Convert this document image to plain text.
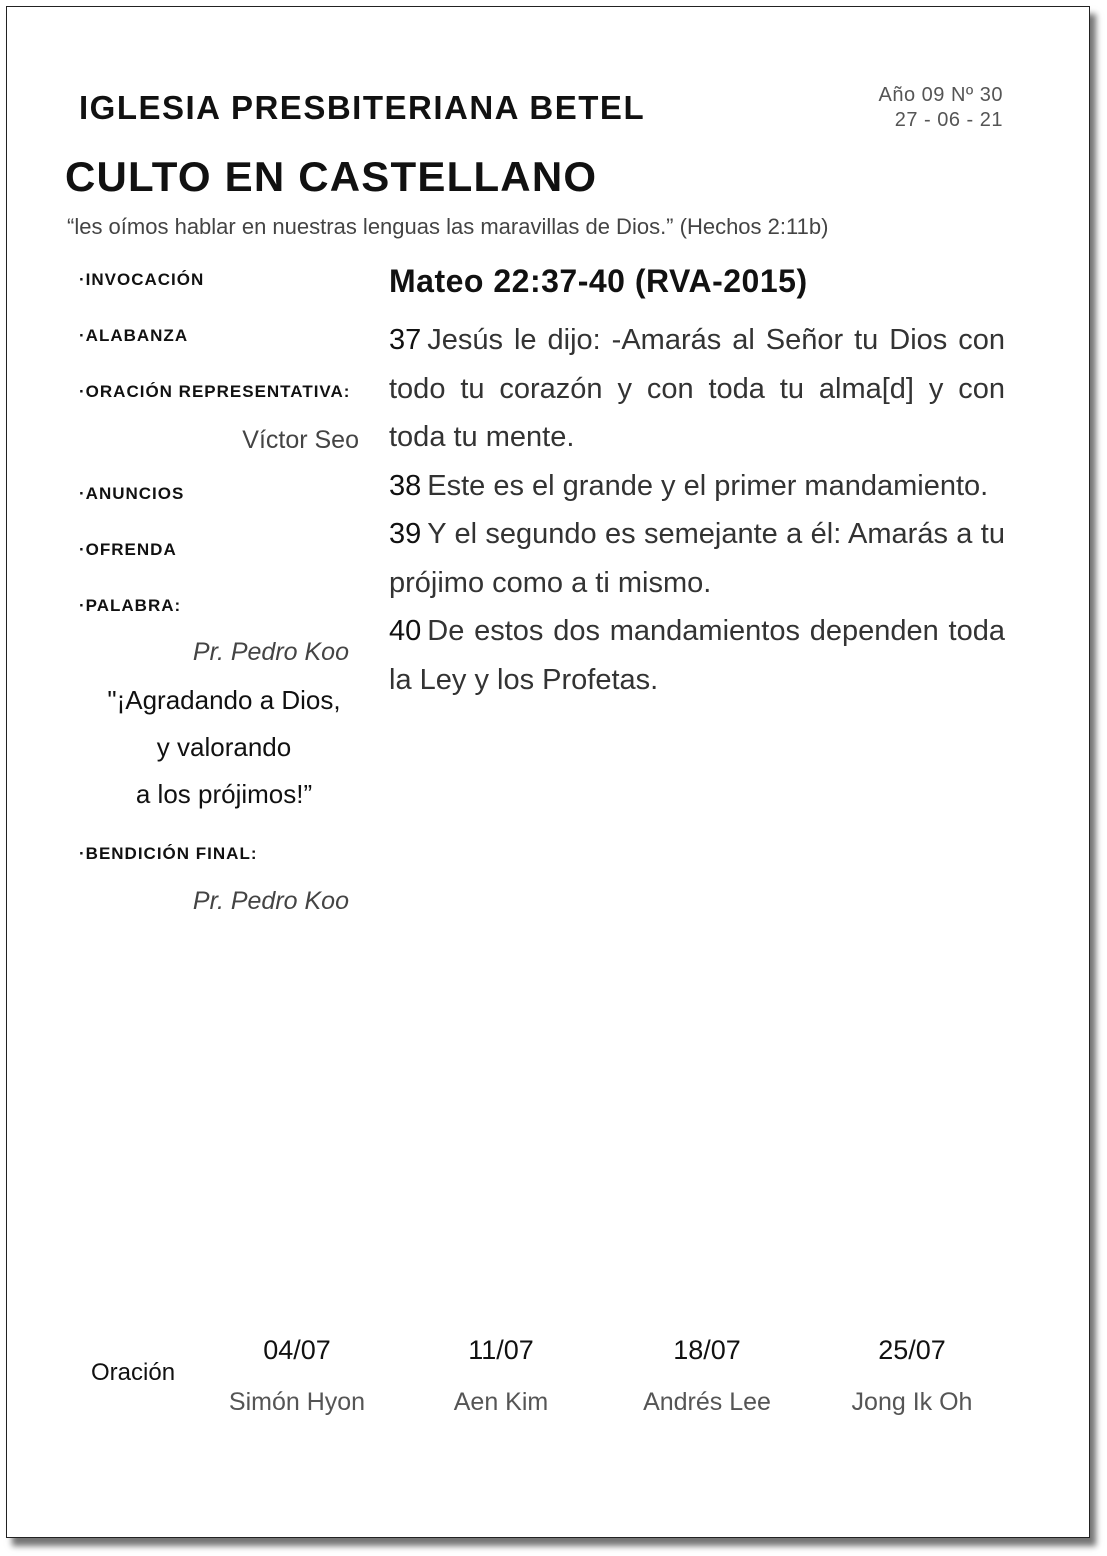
IGLESIA PRESBITERIANA BETEL	Año 09 Nº 30
27 - 06 - 21
CULTO EN CASTELLANO
“les oímos hablar en nuestras lenguas las maravillas de Dios.” (Hechos 2:11b)
·INVOCACIÓN
·ALABANZA
·ORACIÓN REPRESENTATIVA:
Víctor Seo
·ANUNCIOS
·OFRENDA
·PALABRA:
Pr. Pedro Koo
"¡Agradando a Dios,
y valorando
a los prójimos!”
·BENDICIÓN FINAL:
Pr. Pedro Koo
Mateo 22:37-40 (RVA-2015)
37 Jesús le dijo: -Amarás al Señor tu Dios con todo tu corazón y con toda tu alma[d] y con toda tu mente.
38 Este es el grande y el primer mandamiento.
39 Y el segundo es semejante a él: Amarás a tu prójimo como a ti mismo.
40 De estos dos mandamientos dependen toda la Ley y los Profetas.
Oración
04/07
Simón Hyon
11/07
Aen Kim
18/07
Andrés Lee
25/07
Jong Ik Oh
